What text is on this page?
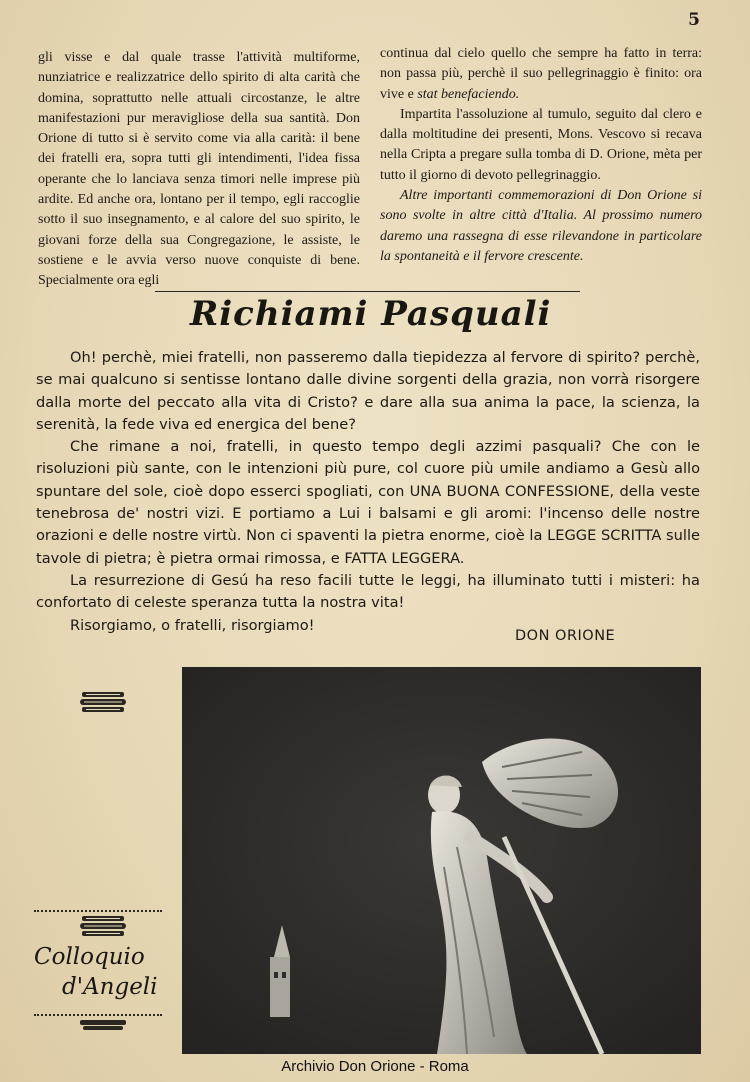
5

gli visse e dal quale trasse l'attività multiforme, nunziatrice e realizzatrice dello spirito di alta carità che domina, soprattutto nelle attuali circostanze, le altre manifestazioni pur meravigliose della sua santità. Don Orione di tutto si è servito come via alla carità: il bene dei fratelli era, sopra tutti gli intendimenti, l'idea fissa operante che lo lanciava senza timori nelle imprese più ardite. Ed anche ora, lontano per il tempo, egli raccoglie sotto il suo insegnamento, e al calore del suo spirito, le giovani forze della sua Congregazione, le assiste, le sostiene e le avvia verso nuove conquiste di bene. Specialmente ora egli

continua dal cielo quello che sempre ha fatto in terra: non passa più, perchè il suo pellegrinaggio è finito: ora vive e stat benefaciendo.

Impartita l'assoluzione al tumulo, seguito dal clero e dalla moltitudine dei presenti, Mons. Vescovo si recava nella Cripta a pregare sulla tomba di D. Orione, mèta per tutto il giorno di devoto pellegrinaggio.

Altre importanti commemorazioni di Don Orione si sono svolte in altre città d'Italia. Al prossimo numero daremo una rassegna di esse rilevandone in particolare la spontaneità e il fervore crescente.

Richiami Pasquali

Oh! perchè, miei fratelli, non passeremo dalla tiepidezza al fervore di spirito? perchè, se mai qualcuno si sentisse lontano dalle divine sorgenti della grazia, non vorrà risorgere dalla morte del peccato alla vita di Cristo? e dare alla sua anima la pace, la scienza, la serenità, la fede viva ed energica del bene?

Che rimane a noi, fratelli, in questo tempo degli azzimi pasquali? Che con le risoluzioni più sante, con le intenzioni più pure, col cuore più umile andiamo a Gesù allo spuntare del sole, cioè dopo esserci spogliati, con UNA BUONA CONFESSIONE, della veste tenebrosa de' nostri vizi. E portiamo a Lui i balsami e gli aromi: l'incenso delle nostre orazioni e delle nostre virtù. Non ci spaventi la pietra enorme, cioè la LEGGE SCRITTA sulle tavole di pietra; è pietra ormai rimossa, e FATTA LEGGERA.

La resurrezione di Gesú ha reso facili tutte le leggi, ha illuminato tutti i misteri: ha confortato di celeste speranza tutta la nostra vita!

Risorgiamo, o fratelli, risorgiamo!

DON ORIONE
Colloquio
d'Angeli
Archivio Don Orione - Roma
